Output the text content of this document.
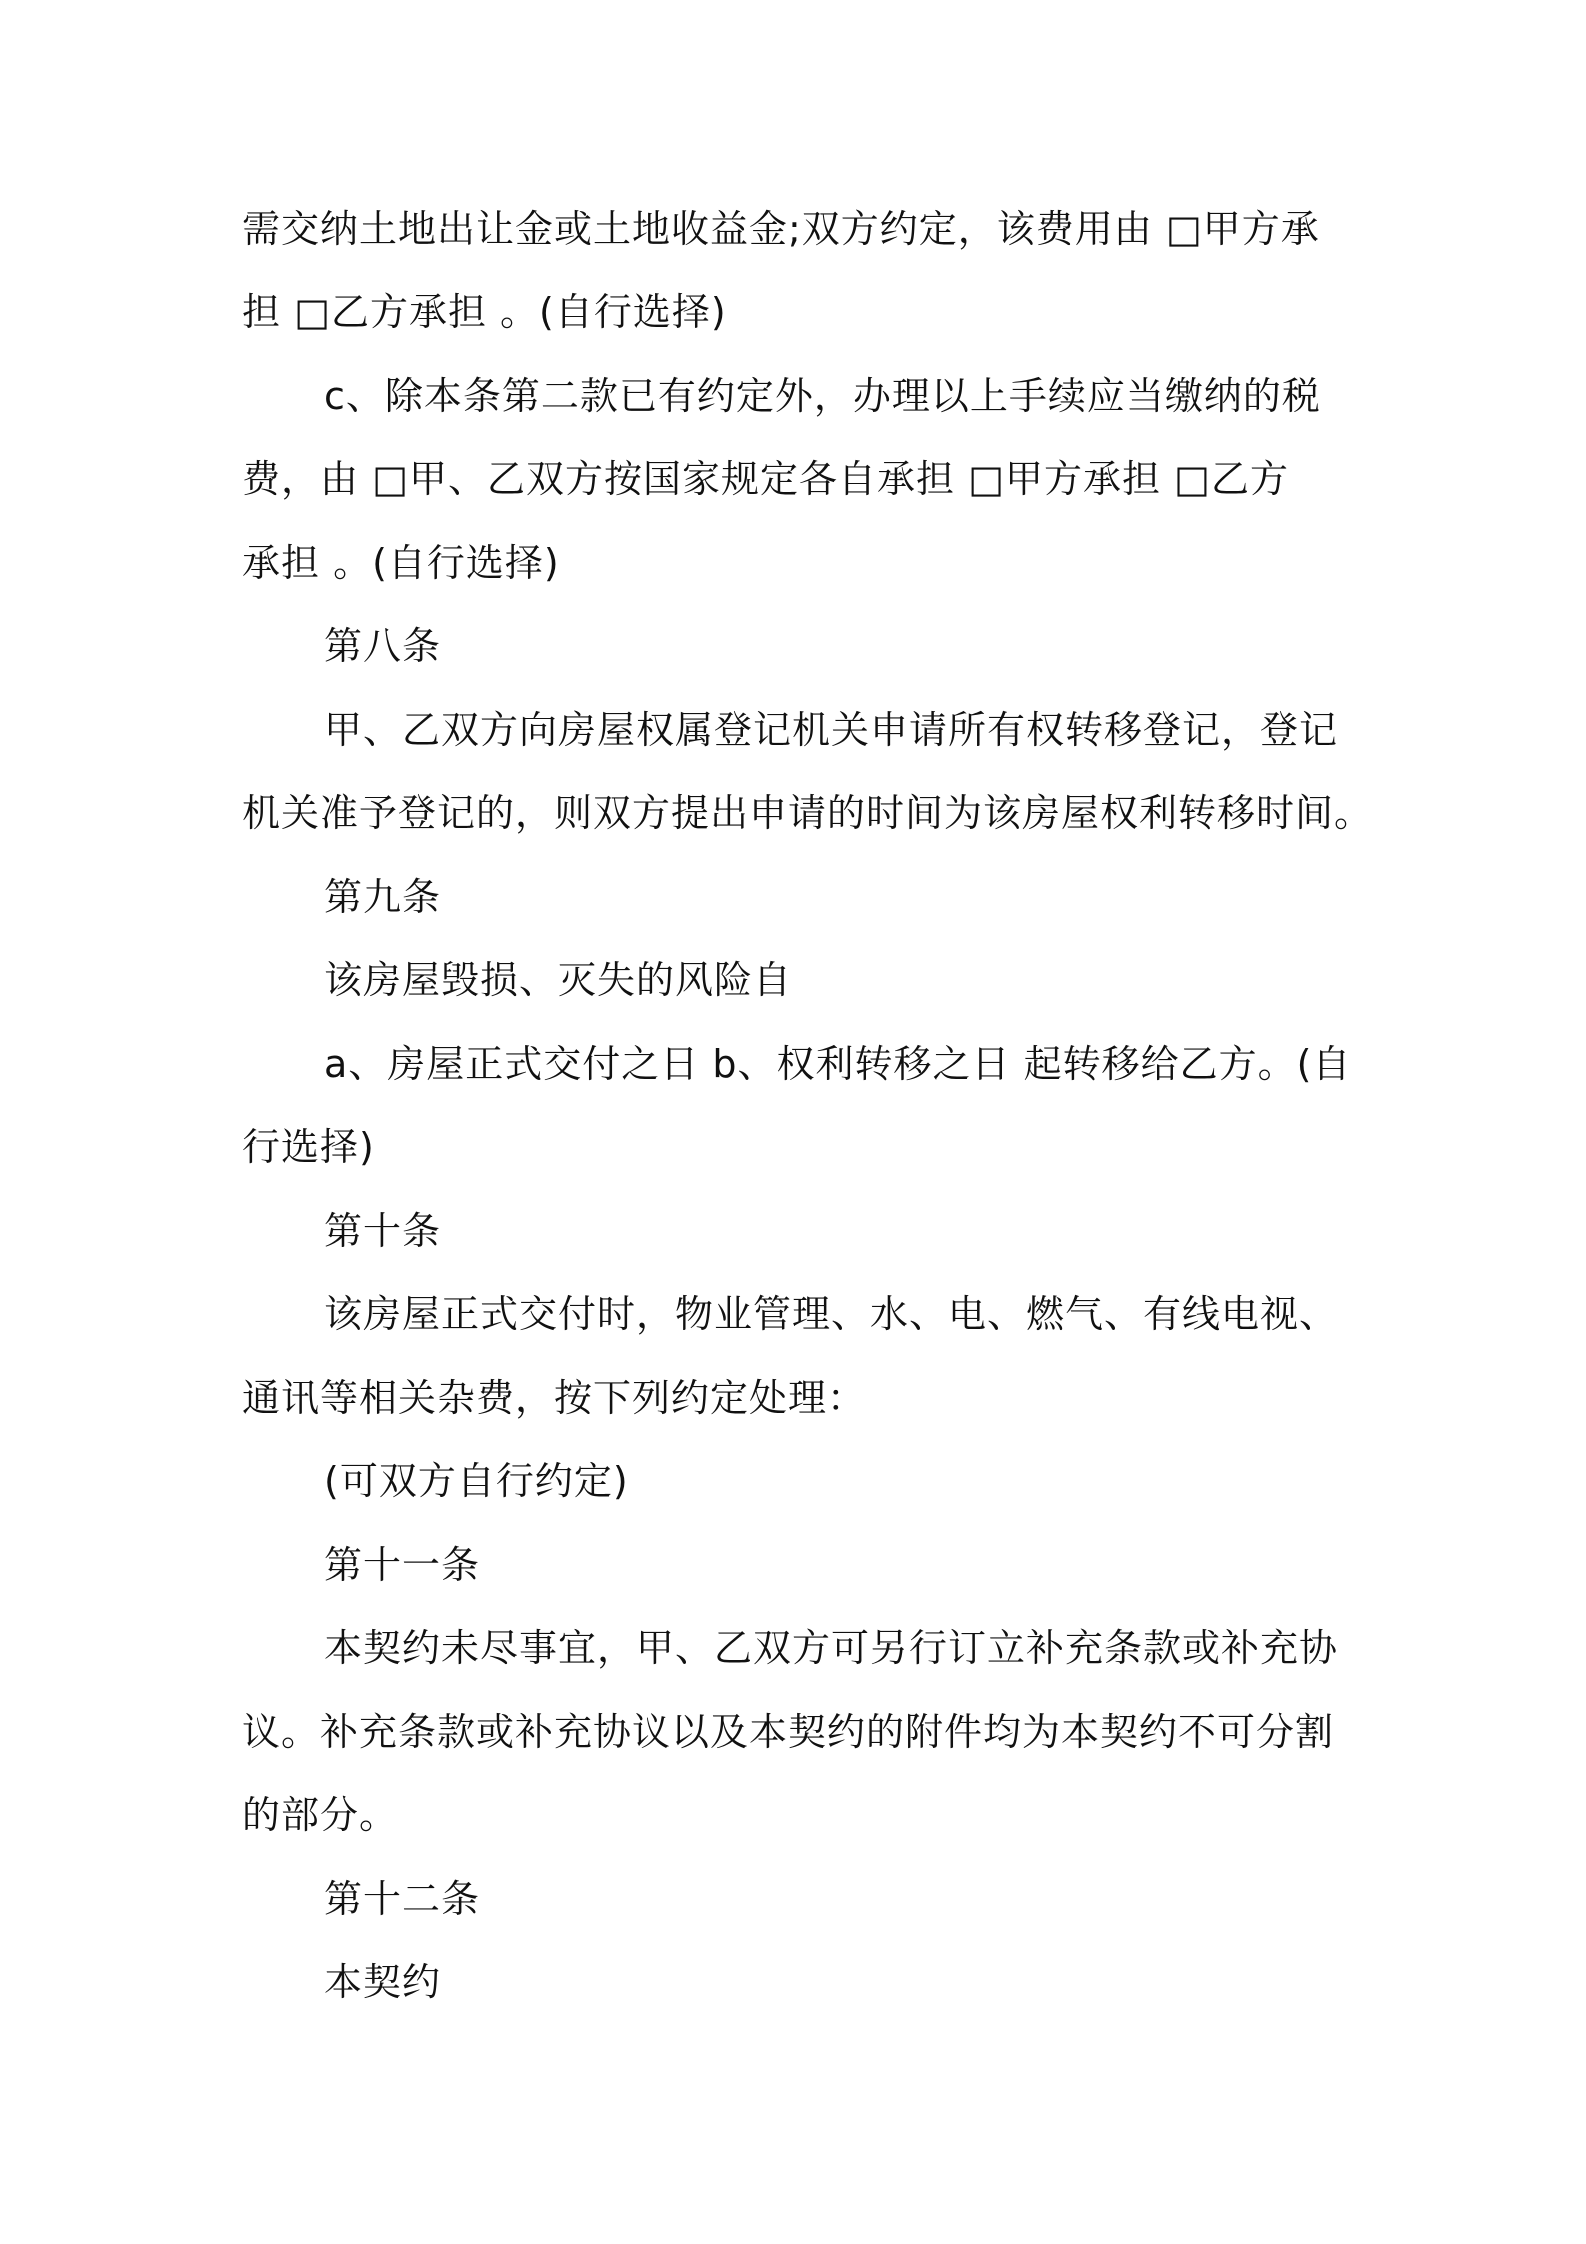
需交纳土地出让金或土地收益金;双方约定，该费用由 □甲方承
担 □乙方承担 。(自行选择)
c、除本条第二款已有约定外，办理以上手续应当缴纳的税
费，由 □甲、乙双方按国家规定各自承担 □甲方承担 □乙方
承担 。(自行选择)
第八条
甲、乙双方向房屋权属登记机关申请所有权转移登记，登记
机关准予登记的，则双方提出申请的时间为该房屋权利转移时间。
第九条
该房屋毁损、灭失的风险自
a、房屋正式交付之日 b、权利转移之日 起转移给乙方。(自
行选择)
第十条
该房屋正式交付时，物业管理、水、电、燃气、有线电视、
通讯等相关杂费，按下列约定处理：
(可双方自行约定)
第十一条
本契约未尽事宜，甲、乙双方可另行订立补充条款或补充协
议。补充条款或补充协议以及本契约的附件均为本契约不可分割
的部分。
第十二条
本契约
